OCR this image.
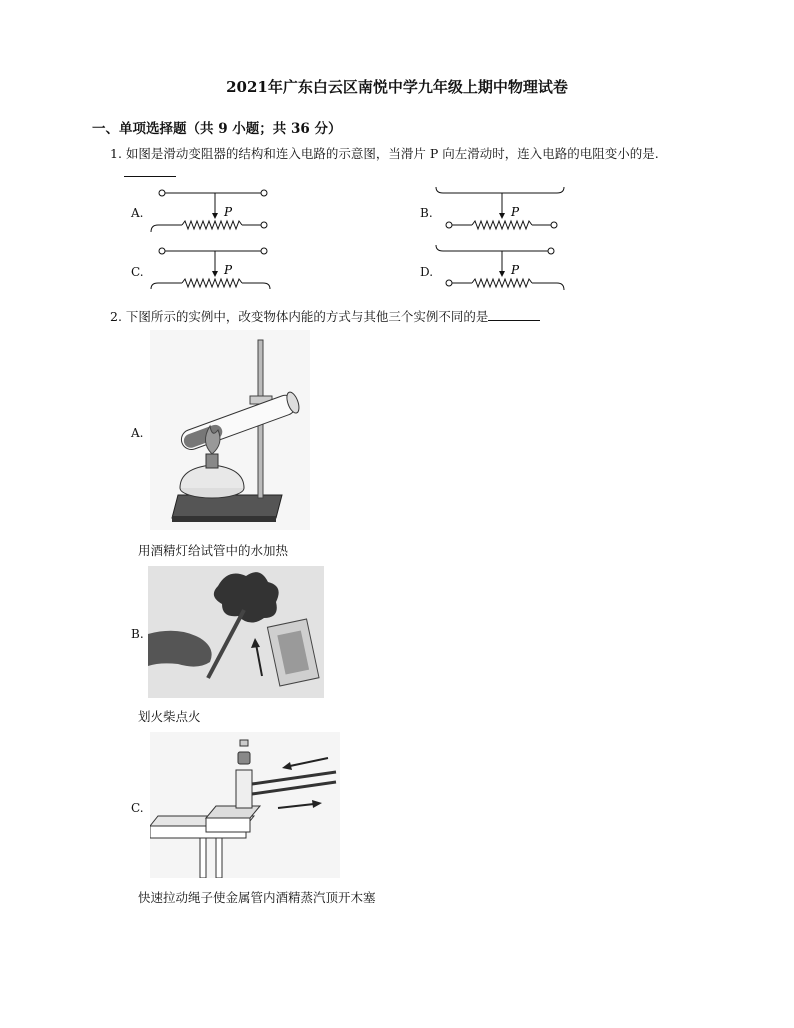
2021年广东白云区南悦中学九年级上期中物理试卷
一、单项选择题（共 9 小题；共 36 分）
1. 如图是滑动变阻器的结构和连入电路的示意图，当滑片 P 向左滑动时，连入电路的电阻变小的是.
A.	P	B.	P
C.	P	D.	P
2. 下图所示的实例中，改变物体内能的方式与其他三个实例不同的是
A.
用酒精灯给试管中的水加热
B.
划火柴点火
C.
快速拉动绳子使金属管内酒精蒸汽顶开木塞
